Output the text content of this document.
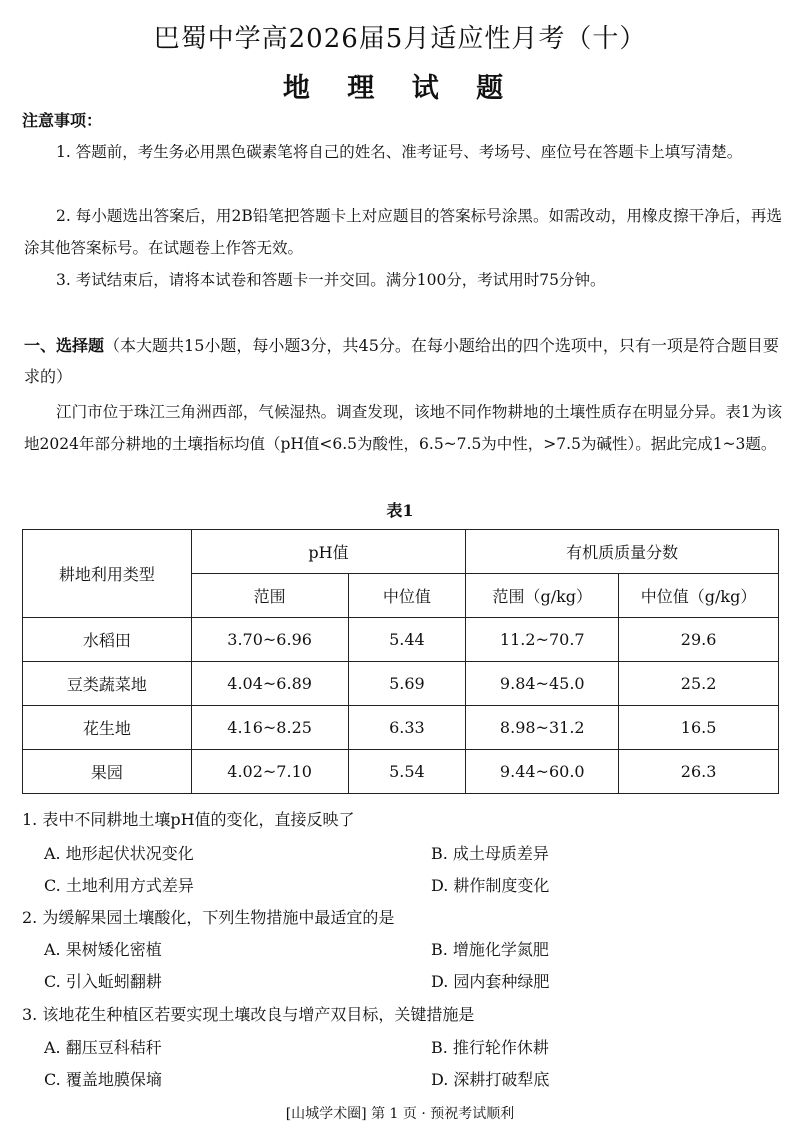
巴蜀中学高2026届5月适应性月考（十）
地 理 试 题
注意事项：
1. 答题前，考生务必用黑色碳素笔将自己的姓名、准考证号、考场号、座位号在答题卡上填写清楚。
2. 每小题选出答案后，用2B铅笔把答题卡上对应题目的答案标号涂黑。如需改动，用橡皮擦干净后，再选涂其他答案标号。在试题卷上作答无效。
3. 考试结束后，请将本试卷和答题卡一并交回。满分100分，考试用时75分钟。
一、选择题（本大题共15小题，每小题3分，共45分。在每小题给出的四个选项中，只有一项是符合题目要求的）
江门市位于珠江三角洲西部，气候湿热。调查发现，该地不同作物耕地的土壤性质存在明显分异。表1为该地2024年部分耕地的土壤指标均值（pH值<6.5为酸性，6.5~7.5为中性，>7.5为碱性）。据此完成1~3题。
表1
耕地利用类型	pH值		有机质质量分数	
	范围	中位值	范围（g/kg）	中位值（g/kg）
水稻田	3.70~6.96	5.44	11.2~70.7	29.6
豆类蔬菜地	4.04~6.89	5.69	9.84~45.0	25.2
花生地	4.16~8.25	6.33	8.98~31.2	16.5
果园	4.02~7.10	5.54	9.44~60.0	26.3
1. 表中不同耕地土壤pH值的变化，直接反映了
A. 地形起伏状况变化	B. 成土母质差异
C. 土地利用方式差异	D. 耕作制度变化
2. 为缓解果园土壤酸化，下列生物措施中最适宜的是
A. 果树矮化密植	B. 增施化学氮肥
C. 引入蚯蚓翻耕	D. 园内套种绿肥
3. 该地花生种植区若要实现土壤改良与增产双目标，关键措施是
A. 翻压豆科秸秆	B. 推行轮作休耕
C. 覆盖地膜保墒	D. 深耕打破犁底
[山城学术圈] 第 1 页 · 预祝考试顺利
